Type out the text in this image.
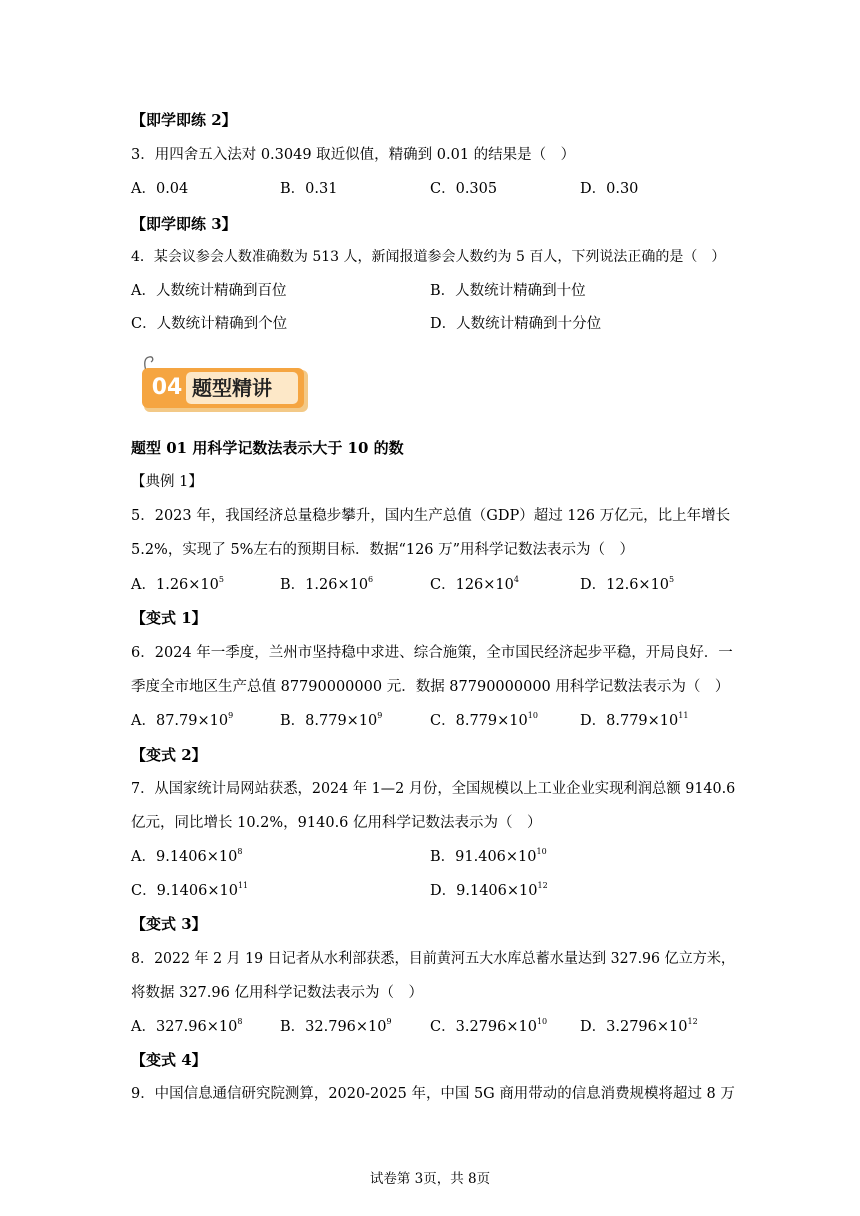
【即学即练 2】
3．用四舍五入法对 0.3049 取近似值，精确到 0.01 的结果是（　）
A．0.04	B．0.31	C．0.305	D．0.30
【即学即练 3】
4．某会议参会人数准确数为 513 人，新闻报道参会人数约为 5 百人，下列说法正确的是（　）
A．人数统计精确到百位	B．人数统计精确到十位
C．人数统计精确到个位	D．人数统计精确到十分位
04 题型精讲
题型 01 用科学记数法表示大于 10 的数
【典例 1】
5．2023 年，我国经济总量稳步攀升，国内生产总值（GDP）超过 126 万亿元，比上年增长
5.2%，实现了 5%左右的预期目标．数据“126 万”用科学记数法表示为（　）
A．$1.26\times 10^5$	B．$1.26\times 10^6$	C．$126\times 10^4$	D．$12.6\times 10^5$
【变式 1】
6．2024 年一季度，兰州市坚持稳中求进、综合施策，全市国民经济起步平稳，开局良好．一
季度全市地区生产总值 87790000000 元．数据 87790000000 用科学记数法表示为（　）
A．$87.79\times 10^9$	B．$8.779\times 10^9$	C．$8.779\times 10^{10}$	D．$8.779\times 10^{11}$
【变式 2】
7．从国家统计局网站获悉，2024 年 1—2 月份，全国规模以上工业企业实现利润总额 9140.6
亿元，同比增长 10.2%，9140.6 亿用科学记数法表示为（　）
A．$9.1406\times 10^8$	B．$91.406\times 10^{10}$
C．$9.1406\times 10^{11}$	D．$9.1406\times 10^{12}$
【变式 3】
8．2022 年 2 月 19 日记者从水利部获悉，目前黄河五大水库总蓄水量达到 327.96 亿立方米，
将数据 327.96 亿用科学记数法表示为（　）
A．$327.96\times 10^8$	B．$32.796\times 10^9$	C．$3.2796\times 10^{10}$ D．$3.2796\times 10^{12}$
【变式 4】
9．中国信息通信研究院测算，2020-2025 年，中国 5G 商用带动的信息消费规模将超过 8 万
试卷第 3页，共 8页
